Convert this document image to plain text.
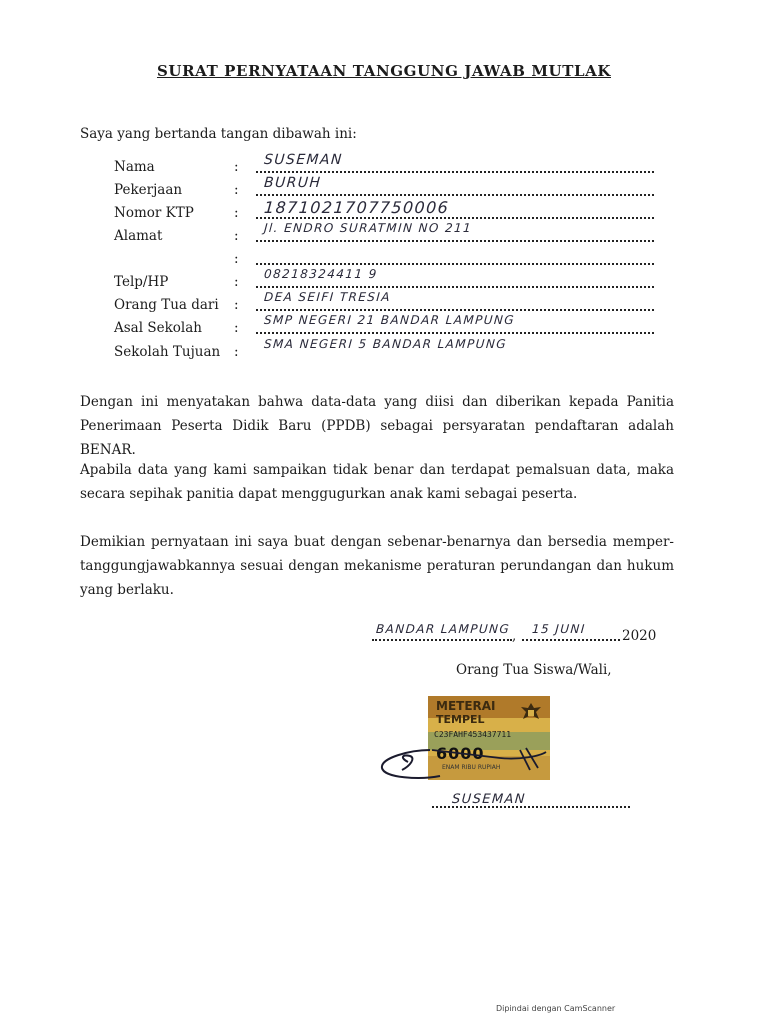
SURAT PERNYATAAN TANGGUNG JAWAB MUTLAK
Saya yang bertanda tangan dibawah ini:
Nama	: SUSEMAN
Pekerjaan	: BURUH
Nomor KTP	: 1871021707750006
Alamat	: Jl. ENDRO SURATMIN NO 211
:
Telp/HP	: 08218324411 9
Orang Tua dari : DEA SEIFI TRESIA
Asal Sekolah : SMP NEGERI 21 BANDAR LAMPUNG
Sekolah Tujuan : SMA NEGERI 5 BANDAR LAMPUNG
Dengan ini menyatakan bahwa data-data yang diisi dan diberikan kepada Panitia Penerimaan Peserta Didik Baru (PPDB) sebagai persyaratan pendaftaran adalah BENAR.
Apabila data yang kami sampaikan tidak benar dan terdapat pemalsuan data, maka secara sepihak panitia dapat menggugurkan anak kami sebagai peserta.
Demikian pernyataan ini saya buat dengan sebenar-benarnya dan bersedia memper-tanggungjawabkannya sesuai dengan mekanisme peraturan perundangan dan hukum yang berlaku.
BANDAR LAMPUNG , 15 JUNI	2020
Orang Tua Siswa/Wali,
METERAI
TEMPEL
C23FAHF453437711
6000
ENAM RIBU RUPIAH
SUSEMAN
Dipindai dengan CamScanner
